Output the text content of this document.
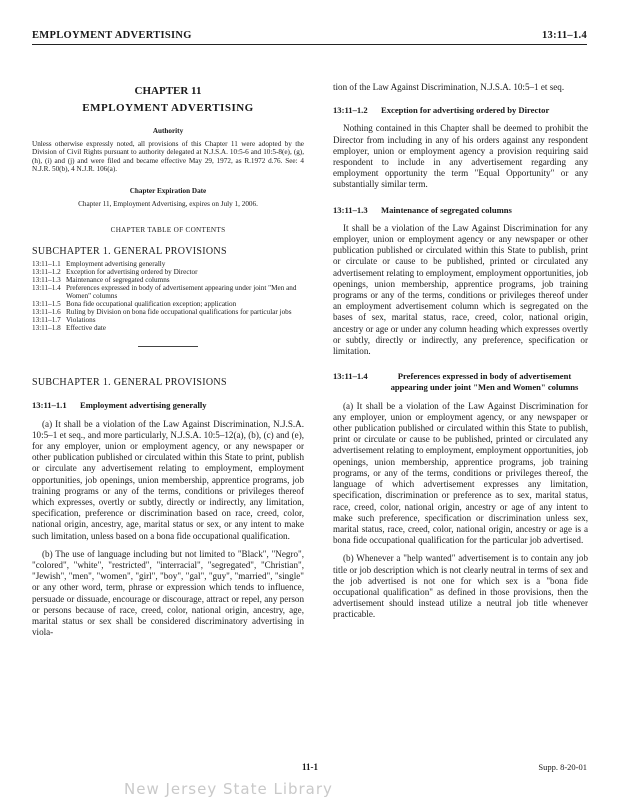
EMPLOYMENT ADVERTISING	13:11–1.4
CHAPTER 11
EMPLOYMENT ADVERTISING
Authority
Unless otherwise expressly noted, all provisions of this Chapter 11 were adopted by the Division of Civil Rights pursuant to authority delegated at N.J.S.A. 10:5-6 and 10:5-8(e), (g), (h), (i) and (j) and were filed and became effective May 29, 1972, as R.1972 d.76. See: 4 N.J.R. 50(b), 4 N.J.R. 106(a).
Chapter Expiration Date
Chapter 11, Employment Advertising, expires on July 1, 2006.
CHAPTER TABLE OF CONTENTS
SUBCHAPTER 1. GENERAL PROVISIONS
13:11–1.1 Employment advertising generally
13:11–1.2 Exception for advertising ordered by Director
13:11–1.3 Maintenance of segregated columns
13:11–1.4 Preferences expressed in body of advertisement appearing under joint "Men and Women" columns
13:11–1.5 Bona fide occupational qualification exception; application
13:11–1.6 Ruling by Division on bona fide occupational qualifications for particular jobs
13:11–1.7 Violations
13:11–1.8 Effective date
SUBCHAPTER 1. GENERAL PROVISIONS
13:11–1.1	Employment advertising generally

(a) It shall be a violation of the Law Against Discrimination, N.J.S.A. 10:5–1 et seq., and more particularly, N.J.S.A. 10:5–12(a), (b), (c) and (e), for any employer, union or employment agency, or any newspaper or other publication published or circulated within this State to print, publish or circulate any advertisement relating to employment, employment opportunities, job openings, union membership, apprentice programs, job training programs or any of the terms, conditions or privileges thereof which expresses, overtly or subtly, directly or indirectly, any limitation, specification, preference or discrimination based on race, creed, color, national origin, ancestry, age, marital status or sex, or any intent to make such limitation, unless based on a bona fide occupational qualification.

(b) The use of language including but not limited to "Black", "Negro", "colored", "white", "restricted", "interracial", "segregated", "Christian", "Jewish", "men", "women", "girl", "boy", "gal", "guy", "married", "single" or any other word, term, phrase or expression which tends to influence, persuade or dissuade, encourage or discourage, attract or repel, any person or persons because of race, creed, color, national origin, ancestry, age, marital status or sex shall be considered discriminatory advertising in viola-

tion of the Law Against Discrimination, N.J.S.A. 10:5–1 et seq.

13:11–1.2	Exception for advertising ordered by Director

Nothing contained in this Chapter shall be deemed to prohibit the Director from including in any of his orders against any respondent employer, union or employment agency a provision requiring said respondent to include in any advertisement regarding any employment opportunity the term "Equal Opportunity" or any substantially similar term.

13:11–1.3	Maintenance of segregated columns

It shall be a violation of the Law Against Discrimination for any employer, union or employment agency or any newspaper or other publication published or circulated within this State to publish, print or circulate or cause to be published, printed or circulated any advertisement relating to employment, employment opportunities, job openings, union membership, apprentice programs, job training programs or any of the terms, conditions or privileges thereof under an employment advertisement column which is segregated on the bases of sex, marital status, race, creed, color, national origin, ancestry or age or under any column heading which expresses overtly or subtly, directly or indirectly, any preference, specification or limitation.

13:11–1.4	Preferences expressed in body of advertisement appearing under joint "Men and Women" columns

(a) It shall be a violation of the Law Against Discrimination for any employer, union or employment agency, or any newspaper or other publication published or circulated within this State to publish, print or circulate or cause to be published, printed or circulated any advertisement relating to employment, employment opportunities, job openings, union membership, apprentice programs, job training programs, or any of the terms, conditions or privileges thereof, the language of which advertisement expresses any limitation, specification, discrimination or preference as to sex, marital status, race, creed, color, national origin, ancestry or age of any intent to make such preference, specification or discrimination unless sex, marital status, race, creed, color, national origin, ancestry or age is a bona fide occupational qualification for the particular job advertised.

(b) Whenever a "help wanted" advertisement is to contain any job title or job description which is not clearly neutral in terms of sex and the job advertised is not one for which sex is a "bona fide occupational qualification" as defined in those provisions, then the advertisement should instead utilize a neutral job title whenever practicable.

11-1	Supp. 8-20-01
New Jersey State Library
